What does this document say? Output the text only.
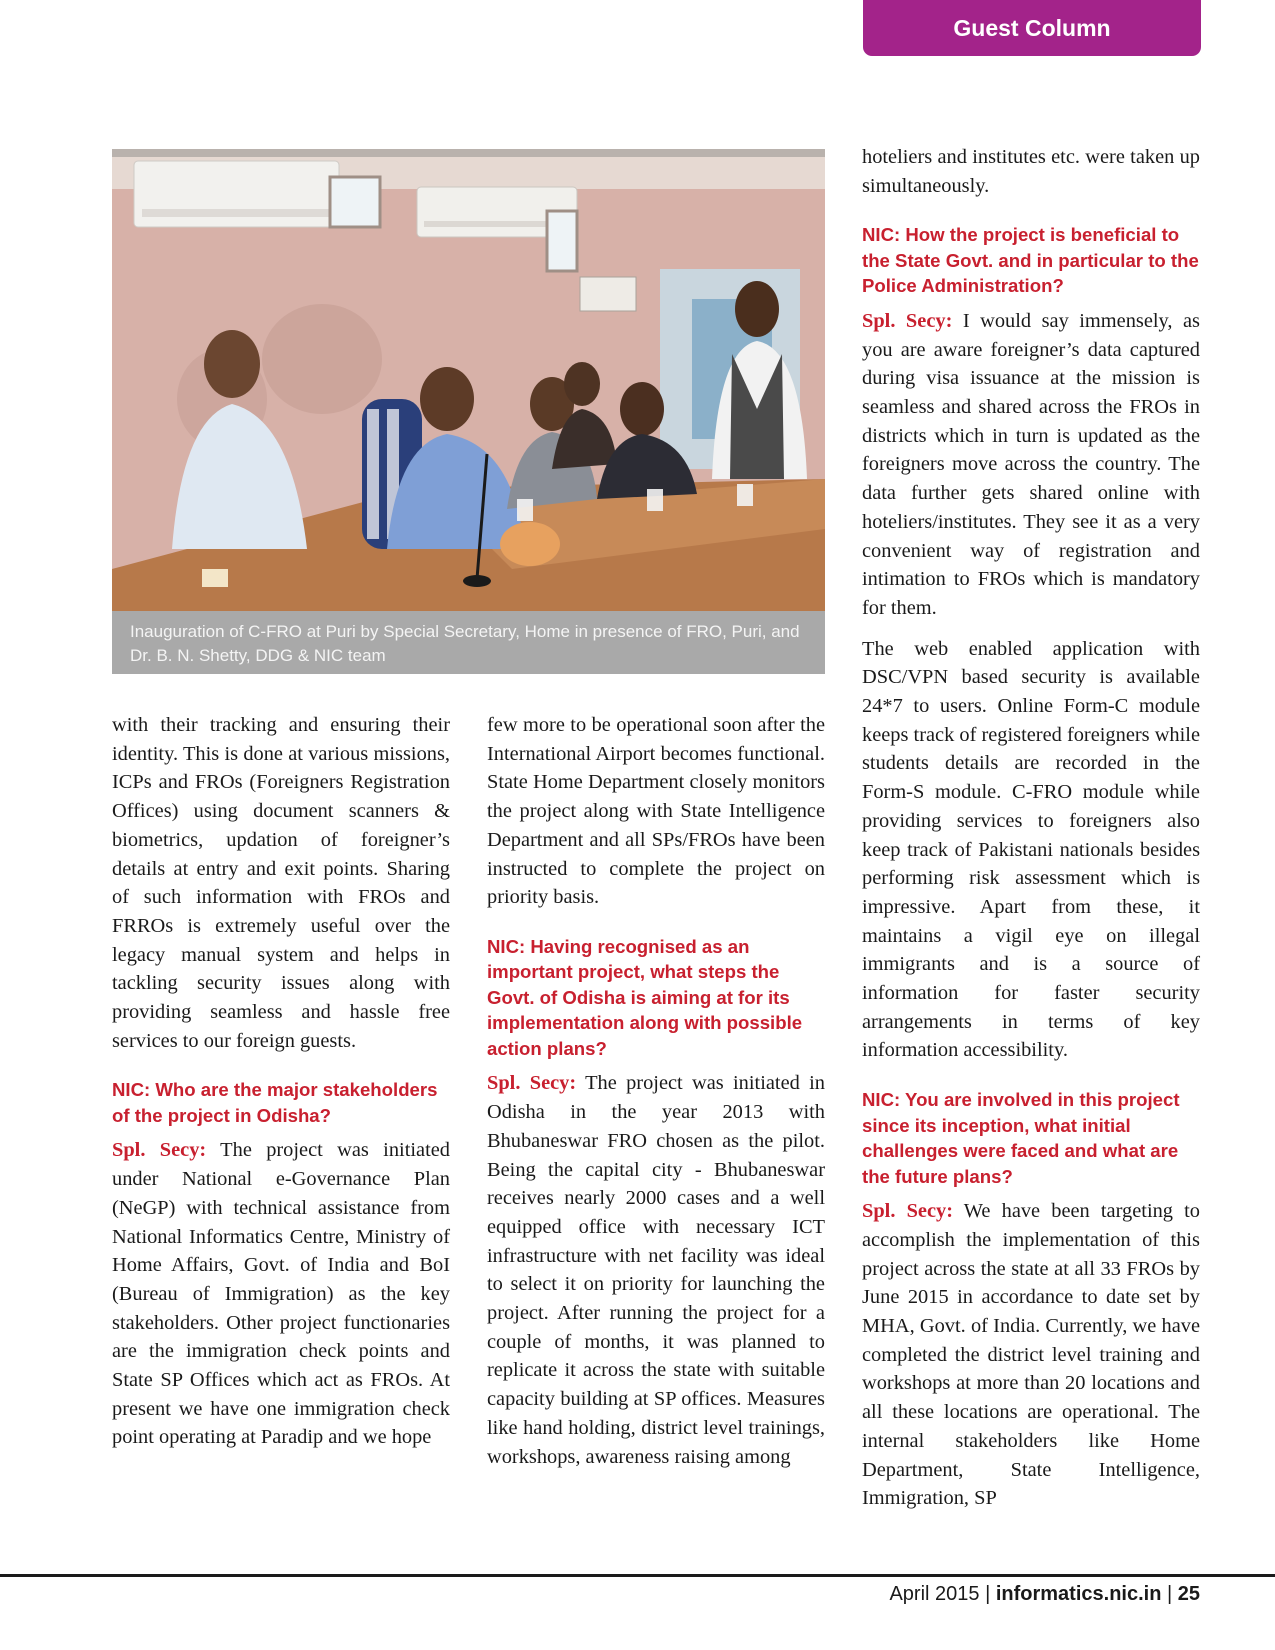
Guest Column
Inauguration of C-FRO at Puri by Special Secretary, Home in presence of FRO, Puri, and Dr. B. N. Shetty, DDG & NIC team

with their tracking and ensuring their identity. This is done at various missions, ICPs and FROs (Foreigners Registration Offices) using document scanners & biometrics, updation of foreigner’s details at entry and exit points. Sharing of such information with FROs and FRROs is extremely useful over the legacy manual system and helps in tackling security issues along with providing seamless and hassle free services to our foreign guests.

NIC: Who are the major stakeholders of the project in Odisha?

Spl. Secy: The project was initiated under National e-Governance Plan (NeGP) with technical assistance from National Informatics Centre, Ministry of Home Affairs, Govt. of India and BoI (Bureau of Immigration) as the key stakeholders. Other project functionaries are the immigration check points and State SP Offices which act as FROs. At present we have one immigration check point operating at Paradip and we hope

few more to be operational soon after the International Airport becomes functional. State Home Department closely monitors the project along with State Intelligence Department and all SPs/FROs have been instructed to complete the project on priority basis.

NIC: Having recognised as an important project, what steps the Govt. of Odisha is aiming at for its implementation along with possible action plans?

Spl. Secy: The project was initiated in Odisha in the year 2013 with Bhubaneswar FRO chosen as the pilot. Being the capital city - Bhubaneswar receives nearly 2000 cases and a well equipped office with necessary ICT infrastructure with net facility was ideal to select it on priority for launching the project. After running the project for a couple of months, it was planned to replicate it across the state with suitable capacity building at SP offices. Measures like hand holding, district level trainings, workshops, awareness raising among

hoteliers and institutes etc. were taken up simultaneously.

NIC: How the project is beneficial to the State Govt. and in particular to the Police Administration?

Spl. Secy: I would say immensely, as you are aware foreigner’s data captured during visa issuance at the mission is seamless and shared across the FROs in districts which in turn is updated as the foreigners move across the country. The data further gets shared online with hoteliers/institutes. They see it as a very convenient way of registration and intimation to FROs which is mandatory for them.

The web enabled application with DSC/VPN based security is available 24*7 to users. Online Form-C module keeps track of registered foreigners while students details are recorded in the Form-S module. C-FRO module while providing services to foreigners also keep track of Pakistani nationals besides performing risk assessment which is impressive. Apart from these, it maintains a vigil eye on illegal immigrants and is a source of information for faster security arrangements in terms of key information accessibility.

NIC: You are involved in this project since its inception, what initial challenges were faced and what are the future plans?

Spl. Secy: We have been targeting to accomplish the implementation of this project across the state at all 33 FROs by June 2015 in accordance to date set by MHA, Govt. of India. Currently, we have completed the district level training and workshops at more than 20 locations and all these locations are operational. The internal stakeholders like Home Department, State Intelligence, Immigration, SP

April 2015 | informatics.nic.in | 25
